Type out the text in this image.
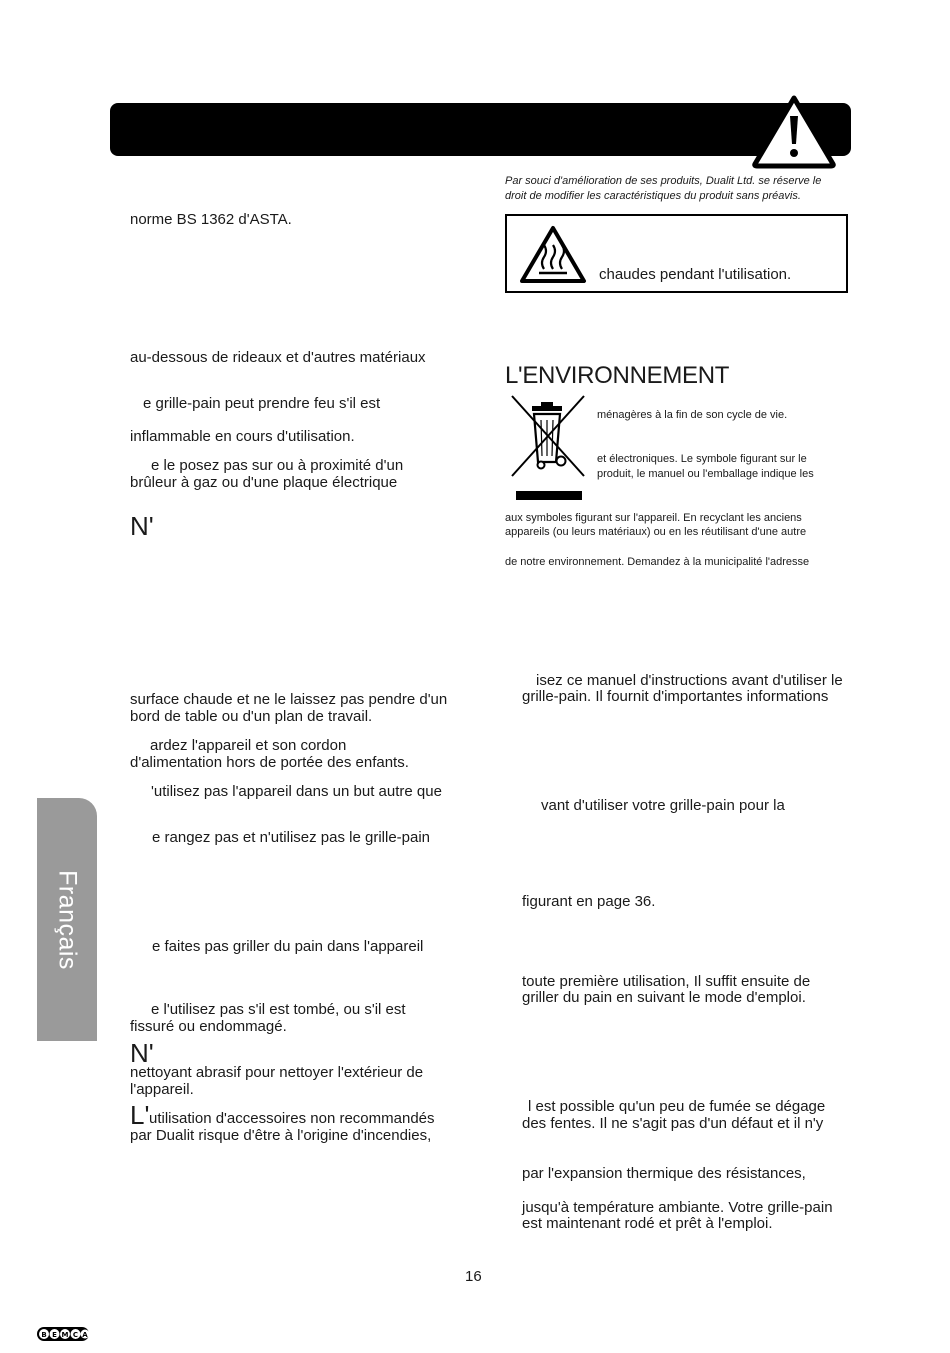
norme BS 1362 d'ASTA.
au-dessous de rideaux et d'autres matériaux
e grille-pain peut prendre feu s'il est
inflammable en cours d'utilisation.
e le posez pas sur ou à proximité d'un
brûleur à gaz ou d'une plaque électrique
N'
surface chaude et ne le laissez pas pendre d'un
bord de table ou d'un plan de travail.
ardez l'appareil et son cordon
d'alimentation hors de portée des enfants.
'utilisez pas l'appareil dans un but autre que
e rangez pas et n'utilisez pas le grille-pain
e faites pas griller du pain dans l'appareil
e l'utilisez pas s'il est tombé, ou s'il est
fissuré ou endommagé.
N'
nettoyant abrasif pour nettoyer l'extérieur de
l'appareil.
L' utilisation d'accessoires non recommandés
par Dualit risque d'être à l'origine d'incendies,
Français
Par souci d'amélioration de ses produits, Dualit Ltd. se réserve le
droit de modifier les caractéristiques du produit sans préavis.
chaudes pendant l'utilisation.
L'ENVIRONNEMENT
ménagères à la fin de son cycle de vie.
et électroniques. Le symbole figurant sur le
produit, le manuel ou l'emballage indique les
aux symboles figurant sur l'appareil. En recyclant les anciens
appareils (ou leurs matériaux) ou en les réutilisant d'une autre
de notre environnement. Demandez à la municipalité l'adresse
isez ce manuel d'instructions avant d'utiliser le
grille-pain. Il fournit d'importantes informations
vant d'utiliser votre grille-pain pour la
figurant en page 36.
toute première utilisation, Il suffit ensuite de
griller du pain en suivant le mode d'emploi.
l est possible qu'un peu de fumée se dégage
des fentes. Il ne s'agit pas d'un défaut et il n'y
par l'expansion thermique des résistances,
jusqu'à température ambiante. Votre grille-pain
est maintenant rodé et prêt à l'emploi.
16
B E M C A
